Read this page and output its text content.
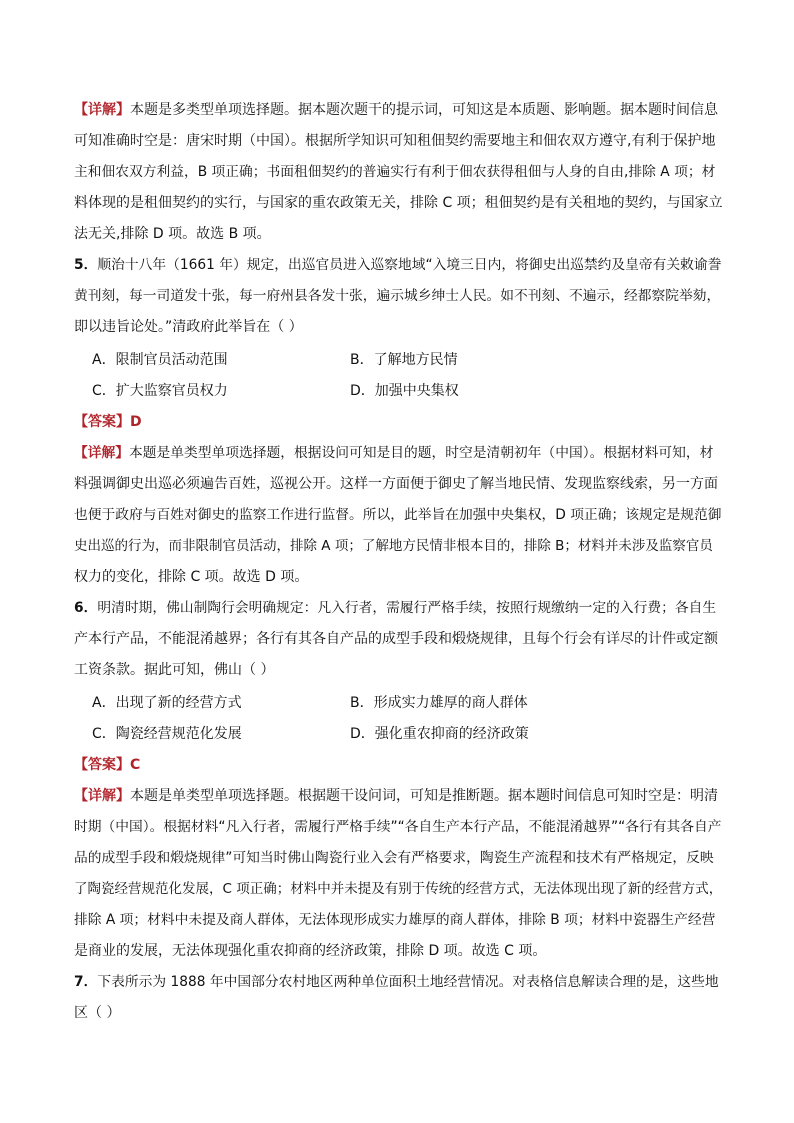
【详解】本题是多类型单项选择题。据本题次题干的提示词，可知这是本质题、影响题。据本题时间信息
可知准确时空是：唐宋时期（中国）。根据所学知识可知租佃契约需要地主和佃农双方遵守,有利于保护地
主和佃农双方利益，B 项正确；书面租佃契约的普遍实行有利于佃农获得租佃与人身的自由,排除 A 项；材
料体现的是租佃契约的实行，与国家的重农政策无关，排除 C 项；租佃契约是有关租地的契约，与国家立
法无关,排除 D 项。故选 B 项。
5．顺治十八年（1661 年）规定，出巡官员进入巡察地域“入境三日内，将御史出巡禁约及皇帝有关敕谕誊
黄刊刻，每一司道发十张，每一府州县各发十张，遍示城乡绅士人民。如不刊刻、不遍示，经都察院举劾，
即以违旨论处。”清政府此举旨在（ ）
A．限制官员活动范围	B．了解地方民情
C．扩大监察官员权力	D．加强中央集权
【答案】D
【详解】本题是单类型单项选择题，根据设问可知是目的题，时空是清朝初年（中国）。根据材料可知，材
料强调御史出巡必须遍告百姓，巡视公开。这样一方面便于御史了解当地民情、发现监察线索，另一方面
也便于政府与百姓对御史的监察工作进行监督。所以，此举旨在加强中央集权，D 项正确；该规定是规范御
史出巡的行为，而非限制官员活动，排除 A 项；了解地方民情非根本目的，排除 B；材料并未涉及监察官员
权力的变化，排除 C 项。故选 D 项。
6．明清时期，佛山制陶行会明确规定：凡入行者，需履行严格手续，按照行规缴纳一定的入行费；各自生
产本行产品，不能混淆越界；各行有其各自产品的成型手段和煅烧规律，且每个行会有详尽的计件或定额
工资条款。据此可知，佛山（ ）
A．出现了新的经营方式	B．形成实力雄厚的商人群体
C．陶瓷经营规范化发展	D．强化重农抑商的经济政策
【答案】C
【详解】本题是单类型单项选择题。根据题干设问词，可知是推断题。据本题时间信息可知时空是：明清
时期（中国）。根据材料“凡入行者，需履行严格手续”“各自生产本行产品，不能混淆越界”“各行有其各自产
品的成型手段和煅烧规律”可知当时佛山陶瓷行业入会有严格要求，陶瓷生产流程和技术有严格规定，反映
了陶瓷经营规范化发展，C 项正确；材料中并未提及有别于传统的经营方式，无法体现出现了新的经营方式，
排除 A 项；材料中未提及商人群体，无法体现形成实力雄厚的商人群体，排除 B 项；材料中瓷器生产经营
是商业的发展，无法体现强化重农抑商的经济政策，排除 D 项。故选 C 项。
7．下表所示为 1888 年中国部分农村地区两种单位面积土地经营情况。对表格信息解读合理的是，这些地
区（ ）
